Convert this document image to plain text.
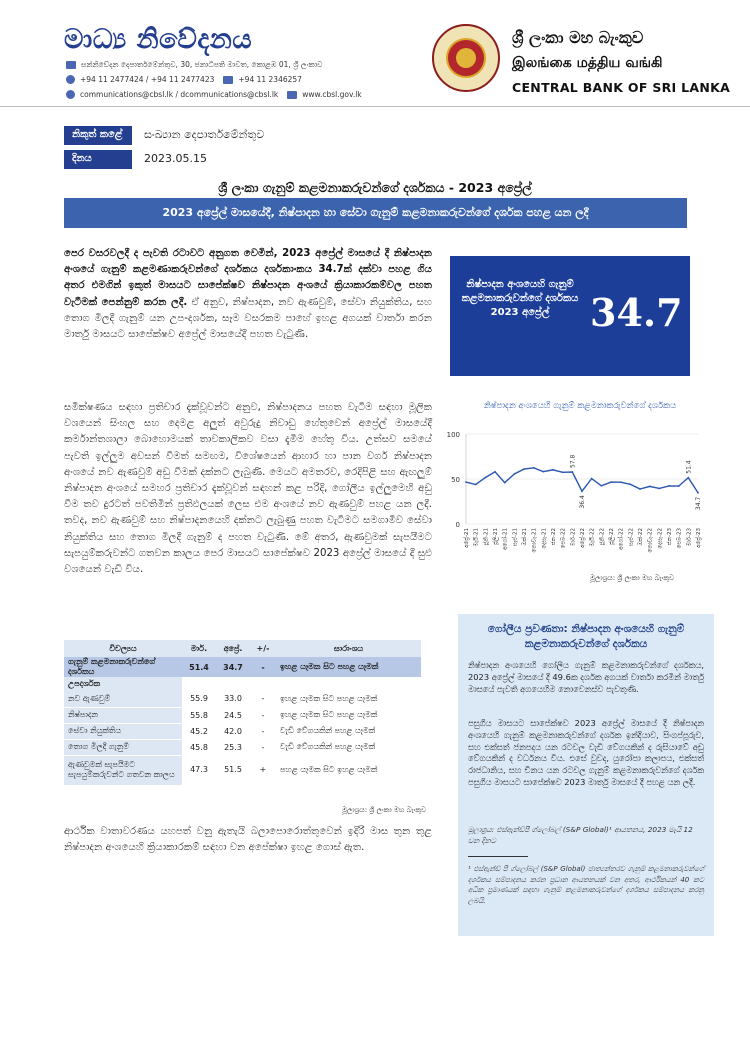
මාධ්‍ය නිවේදනය
සන්නිවේදන දෙපාර්තමේන්තුව, 30, ජනාධිපති මාවත, කොළඹ 01, ශ්‍රී ලංකාව
+94 11 2477424 / +94 11 2477423	+94 11 2346257
communications@cbsl.lk / dcommunications@cbsl.lk	www.cbsl.gov.lk
ශ්‍රී ලංකා මහ බැංකුව
இலங்கை மத்திய வங்கி
CENTRAL BANK OF SRI LANKA
නිකුත් කළේ	සංඛ්‍යාන දෙපාර්තමේන්තුව
දිනය	2023.05.15
ශ්‍රී ලංකා ගැනුම් කළමනාකරුවන්ගේ දර්ශකය - 2023 අප්‍රේල්
2023 අප්‍රේල් මාසයේදී, නිෂ්පාදන හා සේවා ගැනුම් කළමනාකරුවන්ගේ දර්ශක පහළ යන ලදී
පෙර වසරවලදී ද පැවති රටාවට අනුගත වෙමින්, 2023 අප්‍රේල් මාසයේ දී නිෂ්පාදන අංශයේ ගැනුම් කළමණාකරුවන්ගේ දර්ශකය දර්ශකාංකය 34.7ක් දක්වා පහළ ගිය අතර එමගින් ඉකුත් මාසයට සාපේක්ෂව නිෂ්පාදන අංශයේ ක්‍රියාකාරකම්වල පහත වැටීමක් පෙන්නුම් කරන ලදී. ඒ අනුව, නිෂ්පාදන, නව ඇණවුම්, සේවා නියුක්තිය, සහ තොග මිලදී ගැනුම් යන උප-දර්ශක, සෑම වසරකම පාහේ ඉහළ අගයක් වාර්තා කරන මාර්තු මාසයට සාපේක්ෂව අප්‍රේල් මාසයේදී පහත වැටුණි.
සමීක්ෂණය සඳහා ප්‍රතිචාර දැක්වූවන්ට අනුව, නිෂ්පාදනය පහත වැටීම සඳහා මූලික වශයෙන් සිංහල සහ දෙමළ අලුත් අවුරුදු නිවාඩු හේතුවෙන් අප්‍රේල් මාසයේදී කර්මාන්තශාලා බොහොමයක් තාවකාලිකව වසා දැමීම හේතු විය. උත්සව සමයේ පැවති ඉල්ලුම අවසන් වීමත් සමඟම, විශේෂයෙන් ආහාර හා පාන වර්ග නිෂ්පාදන අංශයේ නව ඇණවුම් අඩු වීමක් දක්නට ලැබුණි. මෙයට අමතරව, රෙදිපිළි සහ ඇඟලුම් නිෂ්පාදන අංශයේ සමහර ප්‍රතිචාර දැක්වූවන් සඳහන් කළ පරිදි, ගෝලීය ඉල්ලුමෙහි අඩු වීම තව දුරටත් පවතිමින් ප්‍රතිඵලයක් ලෙස එම අංශයේ නව ඇණවුම් පහළ යන ලදී. තවද, නව ඇණවුම් සහ නිෂ්පාදනයෙහි දක්නට ලැබුණු පහත වැටීමට සමගාමීව සේවා නියුක්තිය සහ තොග මිලදී ගැනුම් ද පහත වැටුණි. මේ අතර, ඇණවුමක් සැපයීමට සැපයුම්කරුවන්ට ගතවන කාලය පෙර මාසයට සාපේක්ෂව 2023 අප්‍රේල් මාසයේ දී සුළු වශයෙන් වැඩි විය.
ආර්ථික වාතාවරණය යහපත් වනු ඇතැයි බලාපොරොත්තුවෙන් ඉදිරි මාස තුන තුළ නිෂ්පාදන අංශයෙහි ක්‍රියාකාරකම් සඳහා වන අපේක්ෂා ඉහළ ගොස් ඇත.
නිෂ්පාදන අංශයෙහි ගැනුම් කළමනාකරුවන්ගේ දර්ශකය 2023 අප්‍රේල්	34.7
නිෂ්පාදන අංශයෙහි ගැනුම් කළමනාකරුවන්ගේ දර්ශකය
100
50
0
අප්‍රේ-21 මැයි-21 ජූනි-21 ජූලි-21 අගෝ-21 සැප්-21 ඔක්-21 නොවැ-21 දෙසැ-21 ජන-22 පෙබ-22 මාර්-22 අප්‍රේ-22 මැයි-22 ජූනි-22 ජූලි-22 අගෝ-22 සැප්-22 ඔක්-22 නොවැ-22 දෙසැ-22 ජන-23 පෙබ-23 මාර්-23 අප්‍රේ-23
57.8
36.4
51.4
34.7
මූලාශ්‍රය: ශ්‍රී ලංකා මහ බැංකුව
විචල්‍යය	මාර්.	අප්‍රේ.	+/-	සාරාංශය
ගැනුම් කළමනාකරුවන්ගේ දර්ශකය	51.4	34.7	-	ඉහළ යෑමක සිට පහළ යෑමක්
උපදර්ශක				
නව ඇණවුම්	55.9	33.0	-	ඉහළ යෑමක සිට පහළ යෑමක්
නිෂ්පාදන	55.8	24.5	-	ඉහළ යෑමක සිට පහළ යෑමක්
සේවා නියුක්තිය	45.2	42.0	-	වැඩි වේගයකින් පහළ යෑමක්
තොග මිලදී ගැනුම්	45.8	25.3	-	වැඩි වේගයකින් පහළ යෑමක්
ඇණවුමක් සැපයීමට සැපයුම්කරුවන්ට ගතවන කාලය	47.3	51.5	+	පහළ යෑමක සිට ඉහළ යෑමක්
මූලාශ්‍රය: ශ්‍රී ලංකා මහ බැංකුව
ගෝලීය ප්‍රවණතා: නිෂ්පාදන අංශයෙහි ගැනුම් කළමනාකරුවන්ගේ දර්ශකය
නිෂ්පාදන අංශයෙහි ගෝලීය ගැනුම් කළමනාකරුවන්ගේ දර්ශකය, 2023 අප්‍රේල් මාසයේ දී 49.6ක දර්ශක අගයක් වාර්තා කරමින් මාර්තු මාසයේ පැවති අගයෙහිම නොවෙනස්ව පැවතුණි.
පසුගිය මාසයට සාපේක්ෂව 2023 අප්‍රේල් මාසයේ දී නිෂ්පාදන අංශයෙහි ගැනුම් කළමනාකරුවන්ගේ දර්ශක ඉන්දියාව, සිංගප්පූරුව, සහ එක්සත් ජනපදය යන රටවල වැඩි වේගයකින් ද රුසියාවේ අඩු වේගයකින් ද වර්ධනය විය. එසේ වුවද, යුරෝපා කලාපය, එක්සත් රාජධානිය, සහ චීනය යන රටවල ගැනුම් කළමනාකරුවන්ගේ දර්ශක පසුගිය මාසයට සාපේක්ෂව 2023 මාර්තු මාසයේ දී පහළ යන ලදී.
මූලාශ්‍රය: එස්ඇන්ඩ්පී ග්ලෝබල් (S&P Global)¹ ආයතනය, 2023 මැයි 12 වන දිනට
¹ එස්ඇන්ඩ් පී ග්ලෝබල් (S&P Global) ජාත්‍යන්තරව ගැනුම් කළමනාකරුවන්ගේ දර්ශකය සම්පාදනය කරන ප්‍රධාන ආයතනයක් වන අතර, ආර්ථිකයන් 40 කට අධික ප්‍රමාණයක් සඳහා ගැනුම් කළමනාකරුවන්ගේ දර්ශකය සම්පාදනය කරනු ලබයි.
